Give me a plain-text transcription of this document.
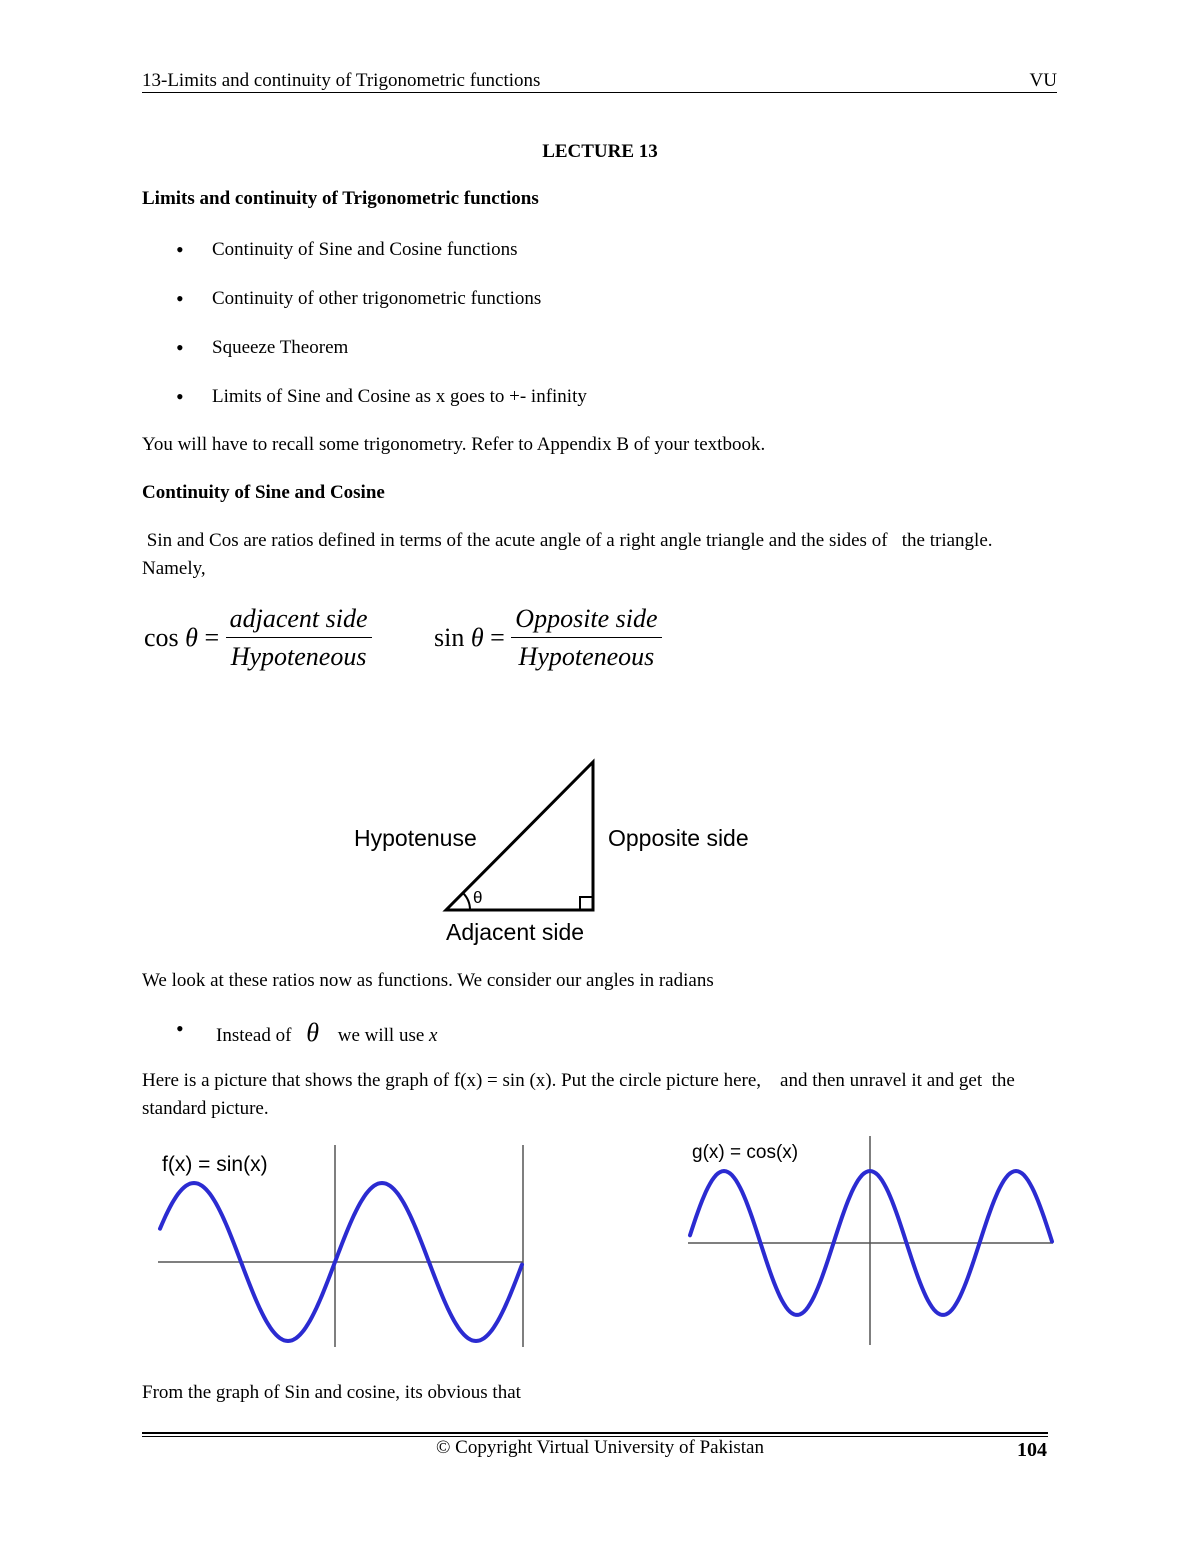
13-Limits and continuity of Trigonometric functions	VU
LECTURE 13
Limits and continuity of Trigonometric functions
• Continuity of Sine and Cosine functions
• Continuity of other trigonometric functions
• Squeeze Theorem
• Limits of Sine and Cosine as x goes to +- infinity
You will have to recall some trigonometry. Refer to Appendix B of your textbook.
Continuity of Sine and Cosine
Sin and Cos are ratios defined in terms of the acute angle of a right angle triangle and the sides of   the triangle. Namely,
$\cos \theta = \frac{\text{adjacent side}}{\text{Hypoteneous}}$ $\sin \theta = \frac{\text{Opposite side}}{\text{Hypoteneous}}$
θ
Hypotenuse	Opposite side
Adjacent side
We look at these ratios now as functions. We consider our angles in radians
• Instead of θ we will use x
Here is a picture that shows the graph of f(x) = sin (x). Put the circle picture here,    and then unravel it and get  the standard picture.
f(x) = sin(x)
g(x) = cos(x)
From the graph of Sin and cosine, its obvious that
© Copyright Virtual University of Pakistan	104
